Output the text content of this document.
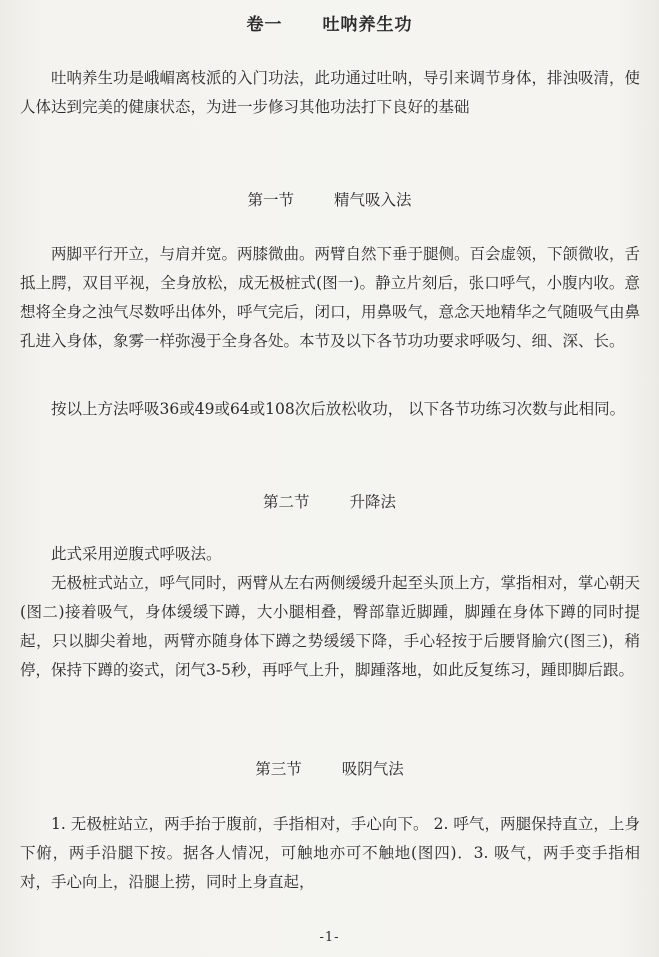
卷一 吐呐养生功

吐呐养生功是峨嵋离枝派的入门功法，此功通过吐呐，导引来调节身体，排浊吸清，使人体达到完美的健康状态，为进一步修习其他功法打下良好的基础

第一节	精气吸入法

两脚平行开立，与肩并宽。两膝微曲。两臂自然下垂于腿侧。百会虚领，下颌微收，舌抵上腭，双目平视，全身放松，成无极桩式(图一)。静立片刻后，张口呼气，小腹内收。意想将全身之浊气尽数呼出体外，呼气完后，闭口，用鼻吸气，意念天地精华之气随吸气由鼻孔进入身体，象雾一样弥漫于全身各处。本节及以下各节功功要求呼吸匀、细、深、长。

按以上方法呼吸36或49或64或108次后放松收功， 以下各节功练习次数与此相同。

第二节	升降法

此式采用逆腹式呼吸法。

无极桩式站立，呼气同时，两臂从左右两侧缓缓升起至头顶上方，掌指相对，掌心朝天(图二)接着吸气，身体缓缓下蹲，大小腿相叠，臀部靠近脚踵，脚踵在身体下蹲的同时提起，只以脚尖着地，两臂亦随身体下蹲之势缓缓下降，手心轻按于后腰肾腧穴(图三)，稍停，保持下蹲的姿式，闭气3-5秒，再呼气上升，脚踵落地，如此反复练习，踵即脚后跟。

第三节	吸阴气法

1. 无极桩站立，两手抬于腹前，手指相对，手心向下。 2. 呼气，两腿保持直立，上身下俯，两手沿腿下按。据各人情况，可触地亦可不触地(图四)．3. 吸气，两手变手指相对，手心向上，沿腿上捞，同时上身直起，

-1-
